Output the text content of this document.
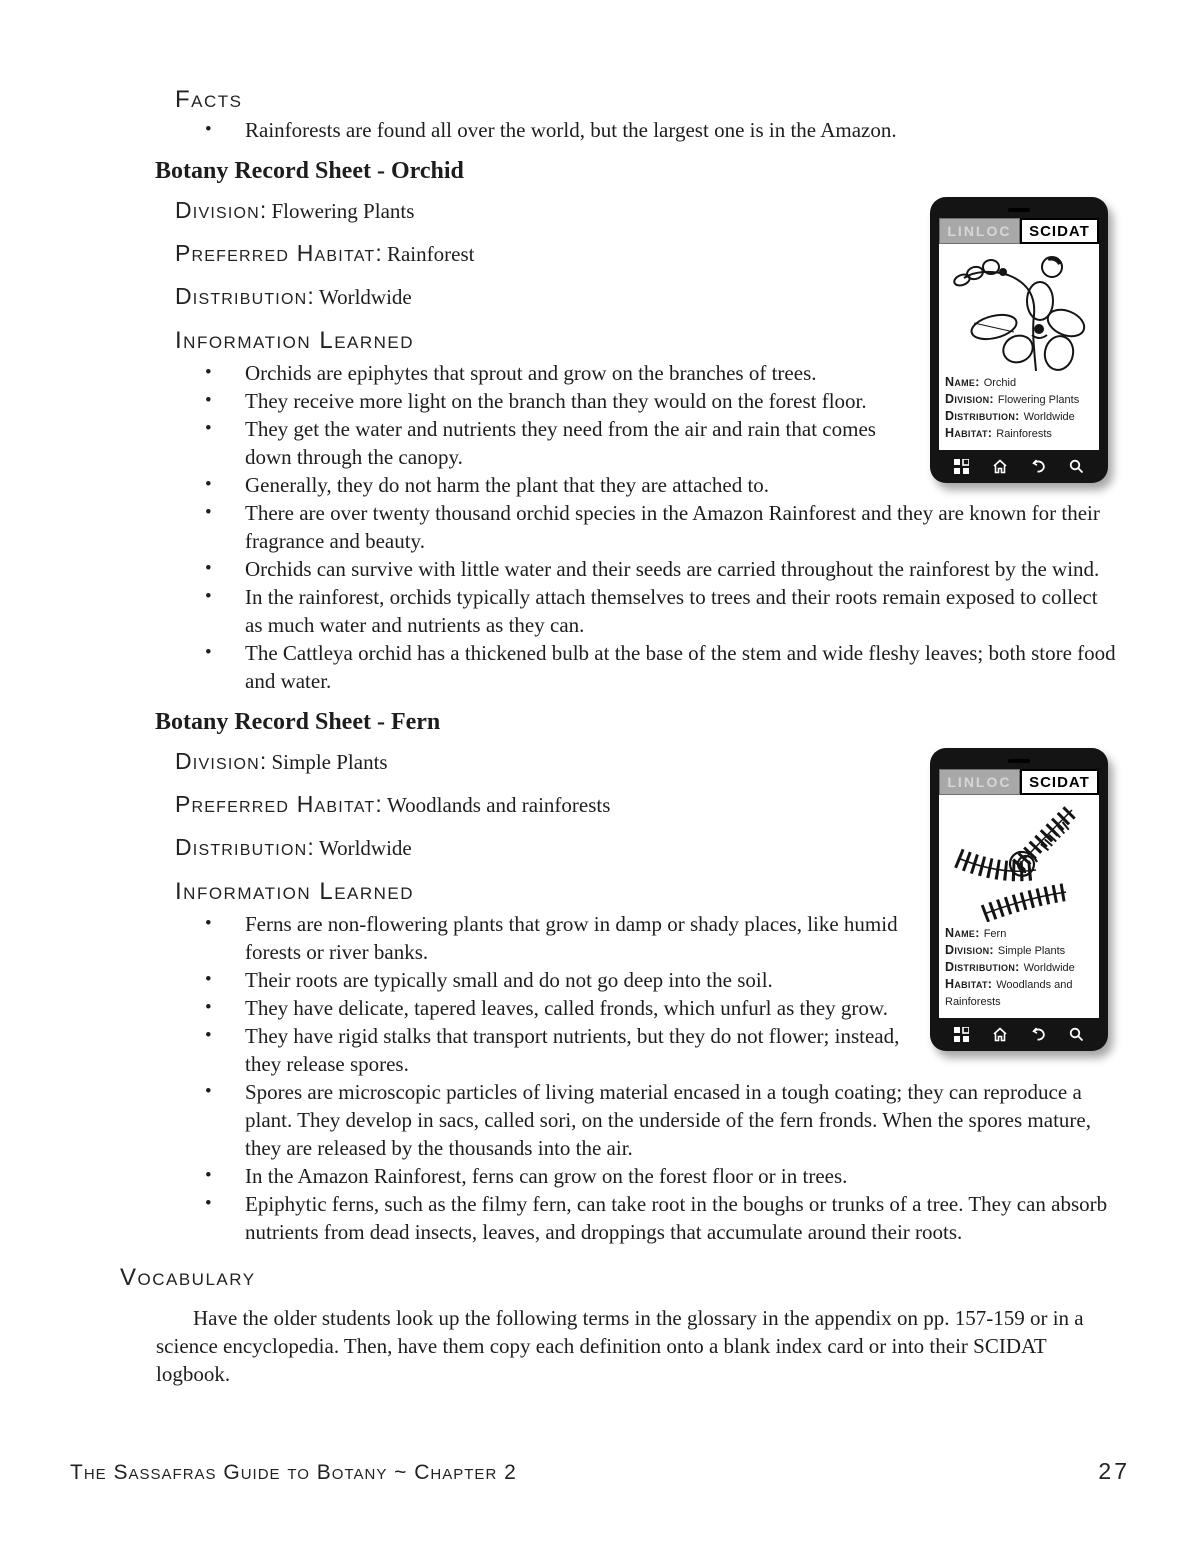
Facts
• Rainforests are found all over the world, but the largest one is in the Amazon.
Botany Record Sheet - Orchid
LINLOC	SCIDAT
Name: Orchid
Division: Flowering Plants
Distribution: Worldwide
Habitat: Rainforests
Division: Flowering Plants
Preferred Habitat: Rainforest
Distribution: Worldwide
Information Learned
• Orchids are epiphytes that sprout and grow on the branches of trees.
• They receive more light on the branch than they would on the forest floor.
• They get the water and nutrients they need from the air and rain that comes down through the canopy.
• Generally, they do not harm the plant that they are attached to.
• There are over twenty thousand orchid species in the Amazon Rainforest and they are known for their fragrance and beauty.
• Orchids can survive with little water and their seeds are carried throughout the rainforest by the wind.
• In the rainforest, orchids typically attach themselves to trees and their roots remain exposed to collect as much water and nutrients as they can.
• The Cattleya orchid has a thickened bulb at the base of the stem and wide fleshy leaves; both store food and water.
Botany Record Sheet - Fern
LINLOC	SCIDAT
Name: Fern
Division: Simple Plants
Distribution: Worldwide
Habitat: Woodlands and Rainforests
Division: Simple Plants
Preferred Habitat: Woodlands and rainforests
Distribution: Worldwide
Information Learned
• Ferns are non-flowering plants that grow in damp or shady places, like humid forests or river banks.
• Their roots are typically small and do not go deep into the soil.
• They have delicate, tapered leaves, called fronds, which unfurl as they grow.
• They have rigid stalks that transport nutrients, but they do not flower; instead, they release spores.
• Spores are microscopic particles of living material encased in a tough coating; they can reproduce a plant. They develop in sacs, called sori, on the underside of the fern fronds. When the spores mature, they are released by the thousands into the air.
• In the Amazon Rainforest, ferns can grow on the forest floor or in trees.
• Epiphytic ferns, such as the filmy fern, can take root in the boughs or trunks of a tree. They can absorb nutrients from dead insects, leaves, and droppings that accumulate around their roots.
Vocabulary

Have the older students look up the following terms in the glossary in the appendix on pp. 157-159 or in a science encyclopedia. Then, have them copy each definition onto a blank index card or into their SCIDAT logbook.

The Sassafras Guide to Botany ~ Chapter 2	27
